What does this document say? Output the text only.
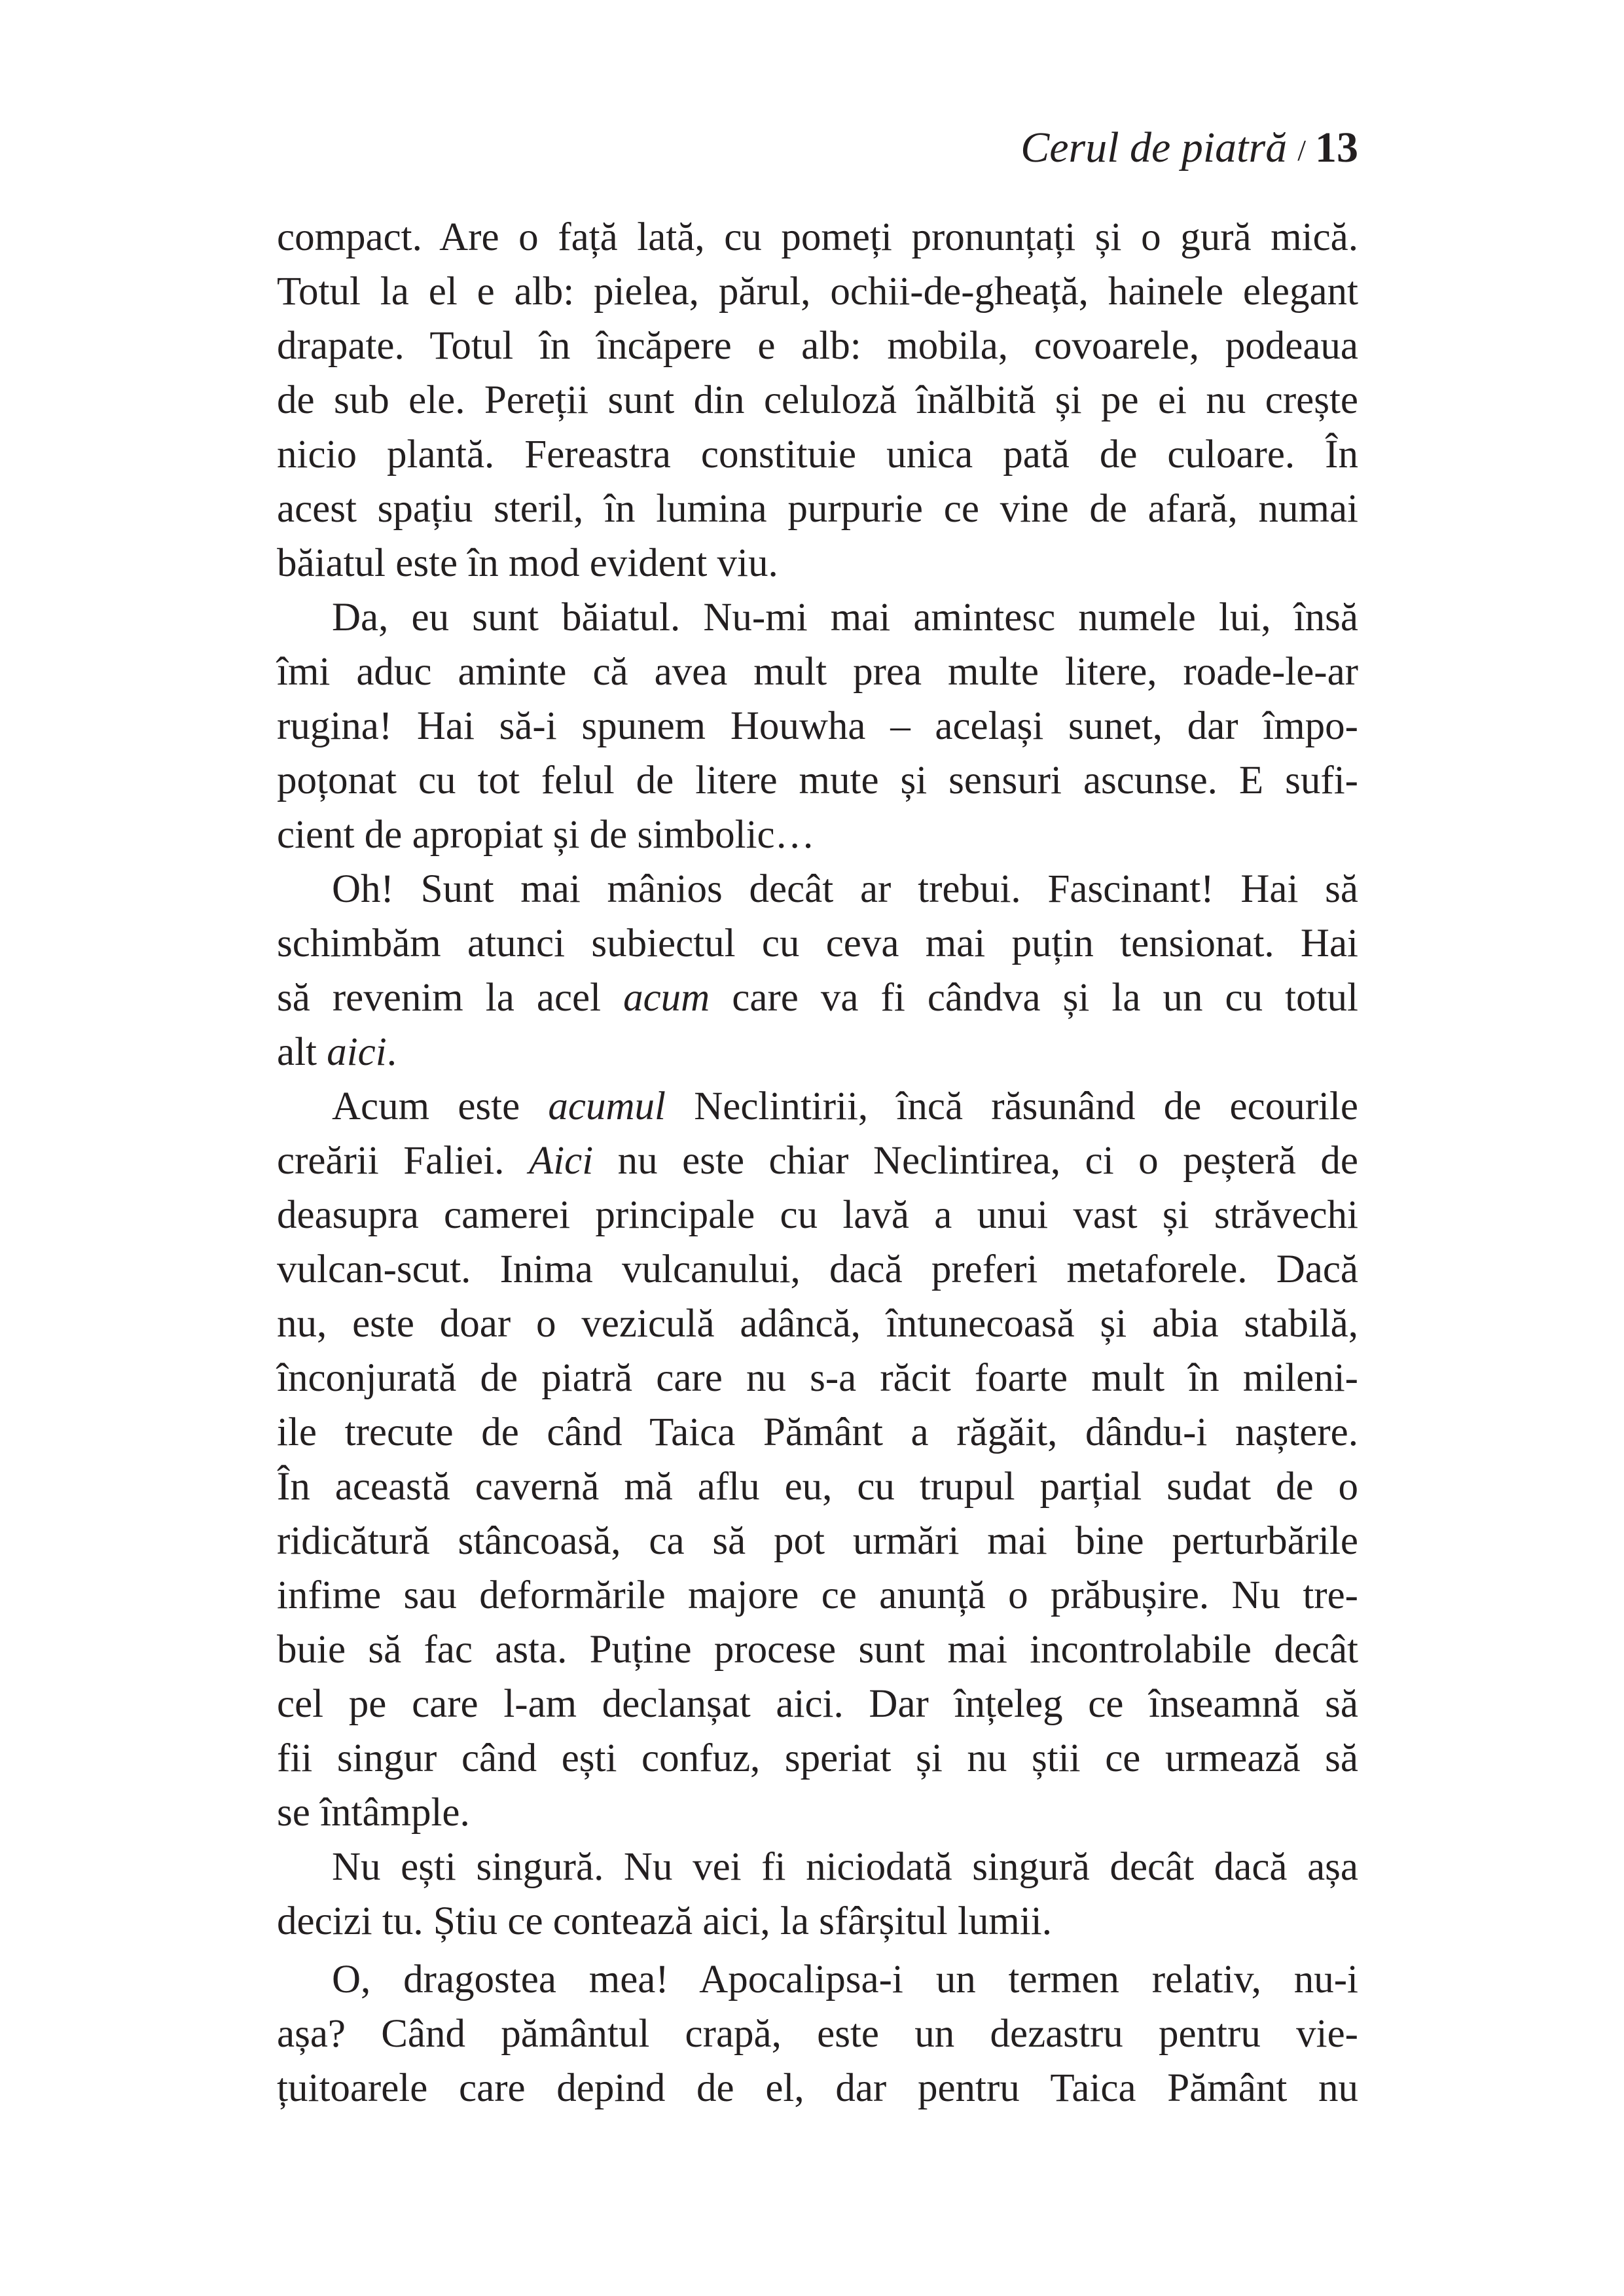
Cerul de piatră / 13
compact. Are o față lată, cu pomeți pronunțați și o gură mică.
Totul la el e alb: pielea, părul, ochii-de-gheață, hainele elegant
drapate. Totul în încăpere e alb: mobila, covoarele, podeaua
de sub ele. Pereții sunt din celuloză înălbită și pe ei nu crește
nicio plantă. Fereastra constituie unica pată de culoare. În
acest spațiu steril, în lumina purpurie ce vine de afară, numai
băiatul este în mod evident viu.
Da, eu sunt băiatul. Nu-mi mai amintesc numele lui, însă
îmi aduc aminte că avea mult prea multe litere, roade-le-ar
rugina! Hai să-i spunem Houwha – același sunet, dar împo-
poțonat cu tot felul de litere mute și sensuri ascunse. E sufi-
cient de apropiat și de simbolic…
Oh! Sunt mai mânios decât ar trebui. Fascinant! Hai să
schimbăm atunci subiectul cu ceva mai puțin tensionat. Hai
să revenim la acel acum care va fi cândva și la un cu totul
alt aici.
Acum este acumul Neclintirii, încă răsunând de ecourile
creării Faliei. Aici nu este chiar Neclintirea, ci o peșteră de
deasupra camerei principale cu lavă a unui vast și străvechi
vulcan-scut. Inima vulcanului, dacă preferi metaforele. Dacă
nu, este doar o veziculă adâncă, întunecoasă și abia stabilă,
înconjurată de piatră care nu s-a răcit foarte mult în mileni-
ile trecute de când Taica Pământ a răgăit, dându-i naștere.
În această cavernă mă aflu eu, cu trupul parțial sudat de o
ridicătură stâncoasă, ca să pot urmări mai bine perturbările
infime sau deformările majore ce anunță o prăbușire. Nu tre-
buie să fac asta. Puține procese sunt mai incontrolabile decât
cel pe care l-am declanșat aici. Dar înțeleg ce înseamnă să
fii singur când ești confuz, speriat și nu știi ce urmează să
se întâmple.
Nu ești singură. Nu vei fi niciodată singură decât dacă așa
decizi tu. Știu ce contează aici, la sfârșitul lumii.
O, dragostea mea! Apocalipsa-i un termen relativ, nu-i
așa? Când pământul crapă, este un dezastru pentru vie-
țuitoarele care depind de el, dar pentru Taica Pământ nu
